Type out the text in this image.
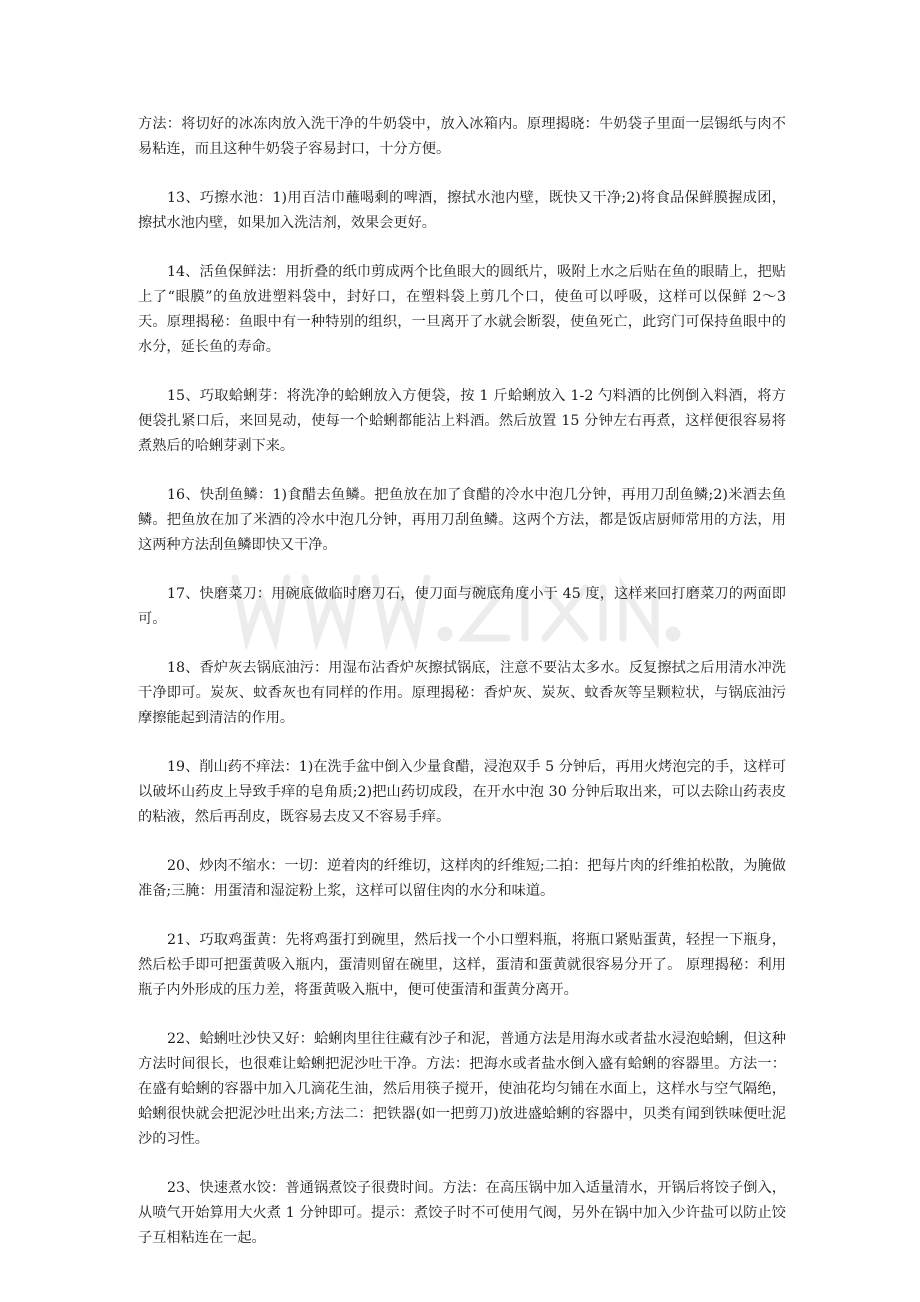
方法：将切好的冰冻肉放入洗干净的牛奶袋中，放入冰箱内。原理揭晓：牛奶袋子里面一层锡纸与肉不易粘连，而且这种牛奶袋子容易封口，十分方便。

13、巧擦水池：1)用百洁巾蘸喝剩的啤酒，擦拭水池内壁，既快又干净;2)将食品保鲜膜握成团，擦拭水池内壁，如果加入洗洁剂，效果会更好。

14、活鱼保鲜法：用折叠的纸巾剪成两个比鱼眼大的圆纸片，吸附上水之后贴在鱼的眼睛上，把贴上了“眼膜”的鱼放进塑料袋中，封好口，在塑料袋上剪几个口，使鱼可以呼吸，这样可以保鲜 2～3 天。原理揭秘：鱼眼中有一种特别的组织，一旦离开了水就会断裂，使鱼死亡，此窍门可保持鱼眼中的水分，延长鱼的寿命。

15、巧取蛤蜊芽：将洗净的蛤蜊放入方便袋，按 1 斤蛤蜊放入 1-2 勺料酒的比例倒入料酒，将方便袋扎紧口后，来回晃动，使每一个蛤蜊都能沾上料酒。然后放置 15 分钟左右再煮，这样便很容易将煮熟后的哈蜊芽剥下来。

16、快刮鱼鳞：1)食醋去鱼鳞。把鱼放在加了食醋的冷水中泡几分钟，再用刀刮鱼鳞;2)米酒去鱼鳞。把鱼放在加了米酒的冷水中泡几分钟，再用刀刮鱼鳞。这两个方法，都是饭店厨师常用的方法，用这两种方法刮鱼鳞即快又干净。

17、快磨菜刀：用碗底做临时磨刀石，使刀面与碗底角度小于 45 度，这样来回打磨菜刀的两面即可。

18、香炉灰去锅底油污：用湿布沾香炉灰擦拭锅底，注意不要沾太多水。反复擦拭之后用清水冲洗干净即可。炭灰、蚊香灰也有同样的作用。原理揭秘：香炉灰、炭灰、蚊香灰等呈颗粒状，与锅底油污摩擦能起到清洁的作用。

19、削山药不痒法：1)在洗手盆中倒入少量食醋，浸泡双手 5 分钟后，再用火烤泡完的手，这样可以破坏山药皮上导致手痒的皂角质;2)把山药切成段，在开水中泡 30 分钟后取出来，可以去除山药表皮的粘液，然后再刮皮，既容易去皮又不容易手痒。

20、炒肉不缩水：一切：逆着肉的纤维切，这样肉的纤维短;二拍：把每片肉的纤维拍松散，为腌做准备;三腌：用蛋清和湿淀粉上浆，这样可以留住肉的水分和味道。

21、巧取鸡蛋黄：先将鸡蛋打到碗里，然后找一个小口塑料瓶，将瓶口紧贴蛋黄，轻捏一下瓶身，然后松手即可把蛋黄吸入瓶内，蛋清则留在碗里，这样，蛋清和蛋黄就很容易分开了。 原理揭秘：利用瓶子内外形成的压力差，将蛋黄吸入瓶中，便可使蛋清和蛋黄分离开。

22、蛤蜊吐沙快又好：蛤蜊肉里往往藏有沙子和泥，普通方法是用海水或者盐水浸泡蛤蜊，但这种方法时间很长，也很难让蛤蜊把泥沙吐干净。方法：把海水或者盐水倒入盛有蛤蜊的容器里。方法一：在盛有蛤蜊的容器中加入几滴花生油，然后用筷子搅开，使油花均匀铺在水面上，这样水与空气隔绝，蛤蜊很快就会把泥沙吐出来;方法二：把铁器(如一把剪刀)放进盛蛤蜊的容器中，贝类有闻到铁味便吐泥沙的习性。

23、快速煮水饺：普通锅煮饺子很费时间。方法：在高压锅中加入适量清水，开锅后将饺子倒入，从喷气开始算用大火煮 1 分钟即可。提示：煮饺子时不可使用气阀，另外在锅中加入少许盐可以防止饺子互相粘连在一起。
